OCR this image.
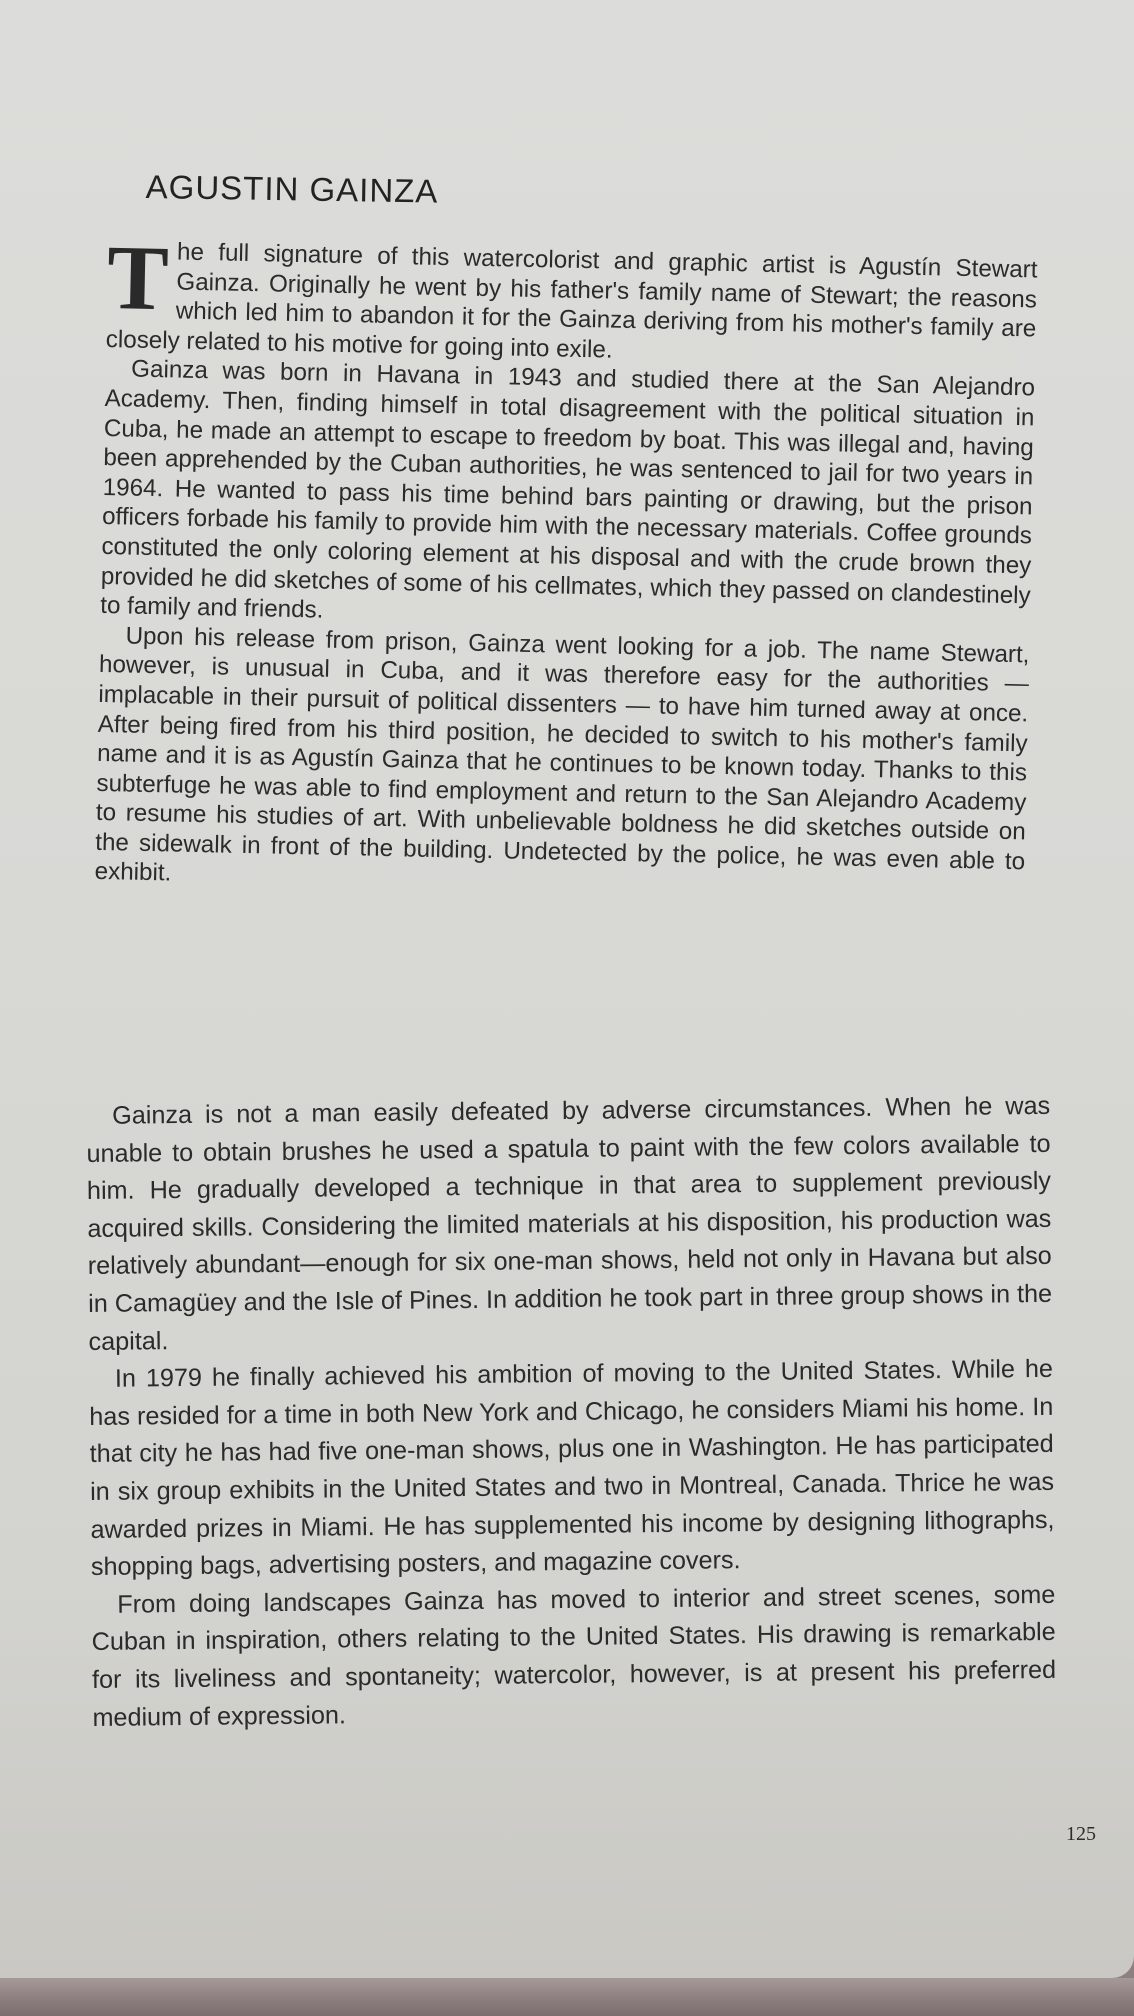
AGUSTIN GAINZA

The full signature of this watercolorist and graphic artist is Agustín Stewart Gainza. Originally he went by his father's family name of Stewart; the reasons which led him to abandon it for the Gainza deriving from his mother's family are closely related to his motive for going into exile.

Gainza was born in Havana in 1943 and studied there at the San Alejandro Academy. Then, finding himself in total disagreement with the political situation in Cuba, he made an attempt to escape to freedom by boat. This was illegal and, having been apprehended by the Cuban authorities, he was sentenced to jail for two years in 1964. He wanted to pass his time behind bars painting or drawing, but the prison officers forbade his family to provide him with the necessary materials. Coffee grounds constituted the only coloring element at his disposal and with the crude brown they provided he did sketches of some of his cellmates, which they passed on clandestinely to family and friends.

Upon his release from prison, Gainza went looking for a job. The name Stewart, however, is unusual in Cuba, and it was therefore easy for the authorities — implacable in their pursuit of political dissenters — to have him turned away at once. After being fired from his third position, he decided to switch to his mother's family name and it is as Agustín Gainza that he continues to be known today. Thanks to this subterfuge he was able to find employment and return to the San Alejandro Academy to resume his studies of art. With unbelievable boldness he did sketches outside on the sidewalk in front of the building. Undetected by the police, he was even able to exhibit.

Gainza is not a man easily defeated by adverse circumstances. When he was unable to obtain brushes he used a spatula to paint with the few colors available to him. He gradually developed a technique in that area to supplement previously acquired skills. Considering the limited materials at his disposition, his production was relatively abundant—enough for six one-man shows, held not only in Havana but also in Camagüey and the Isle of Pines. In addition he took part in three group shows in the capital.

In 1979 he finally achieved his ambition of moving to the United States. While he has resided for a time in both New York and Chicago, he considers Miami his home. In that city he has had five one-man shows, plus one in Washington. He has participated in six group exhibits in the United States and two in Montreal, Canada. Thrice he was awarded prizes in Miami. He has supplemented his income by designing lithographs, shopping bags, advertising posters, and magazine covers.

From doing landscapes Gainza has moved to interior and street scenes, some Cuban in inspiration, others relating to the United States. His drawing is remarkable for its liveliness and spontaneity; watercolor, however, is at present his preferred medium of expression.

125
